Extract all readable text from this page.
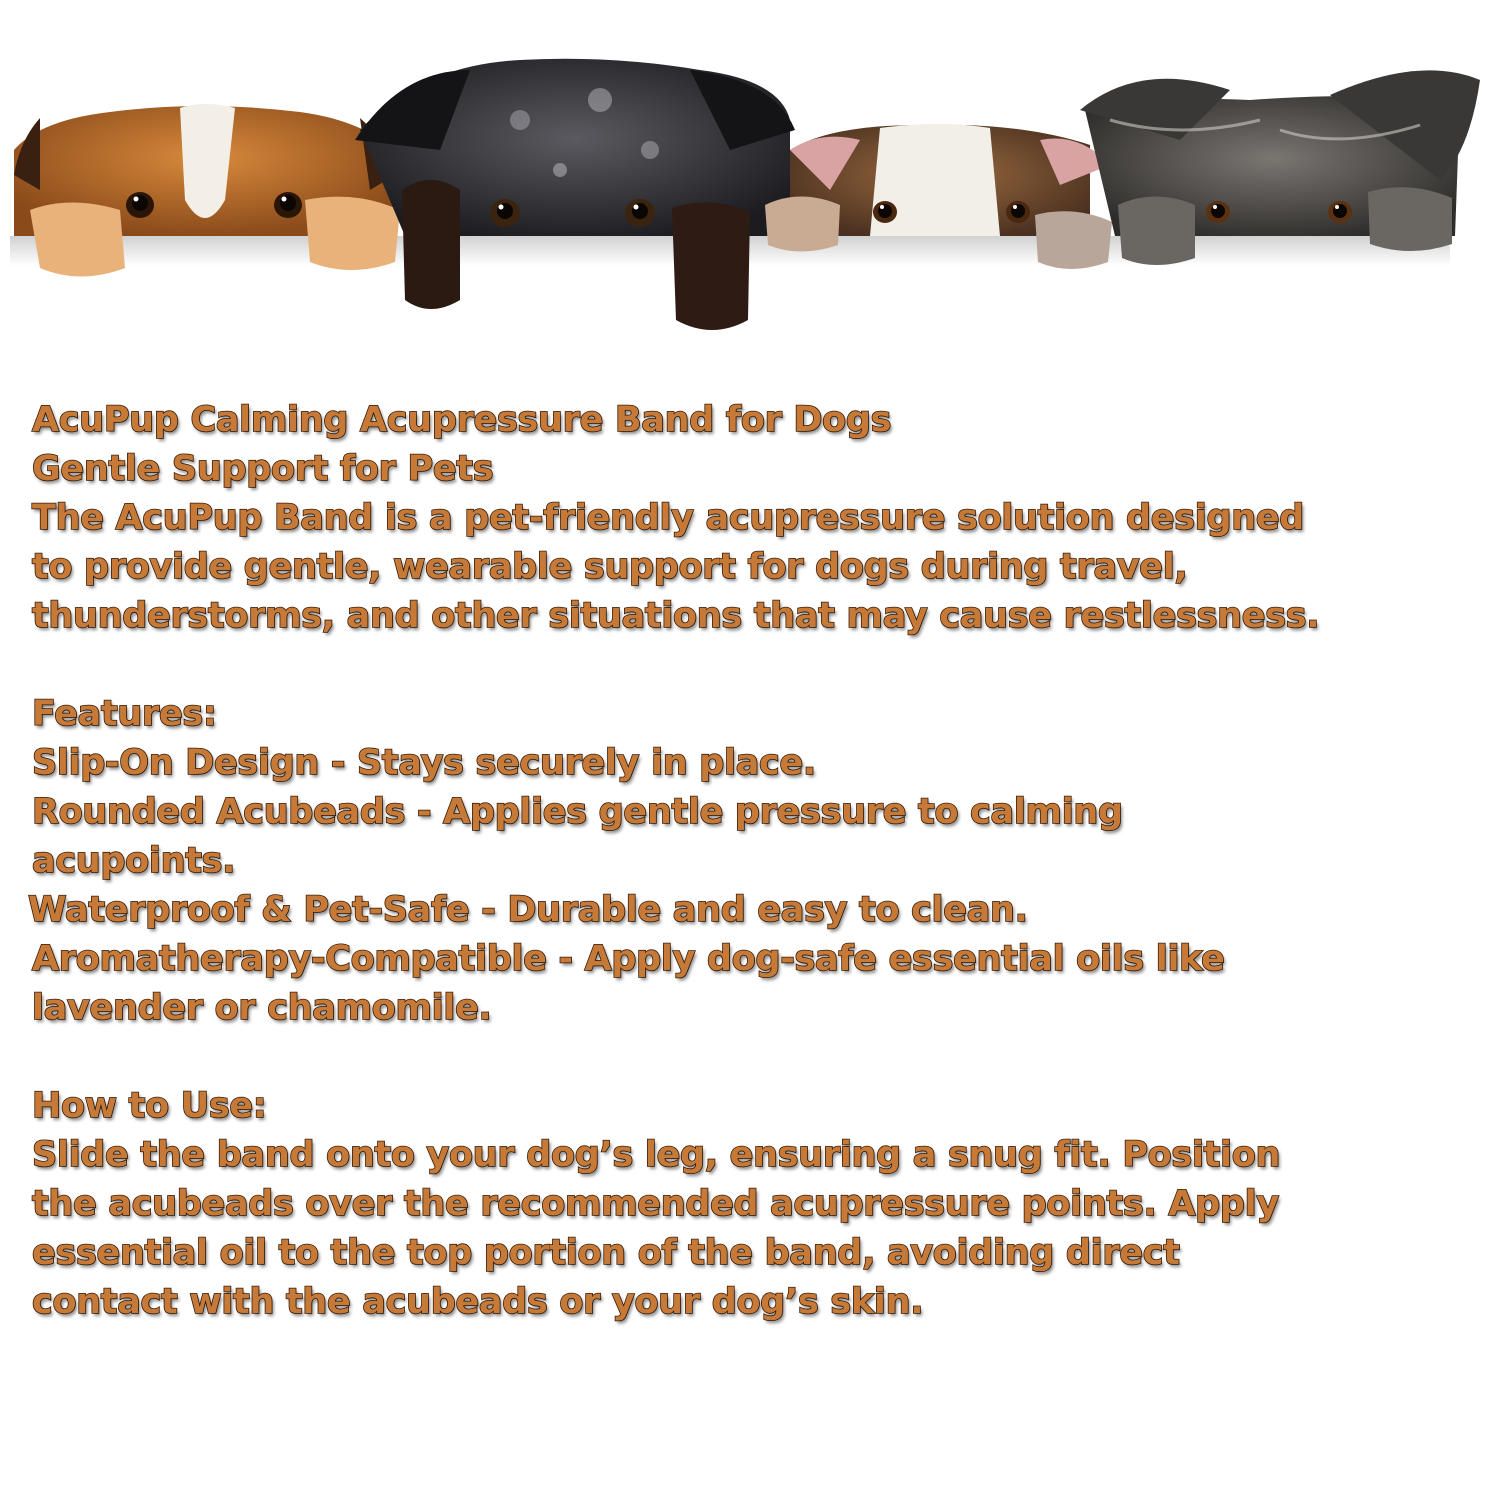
AcuPup Calming Acupressure Band for Dogs
Gentle Support for Pets
The AcuPup Band is a pet-friendly acupressure solution designed
to provide gentle, wearable support for dogs during travel,
thunderstorms, and other situations that may cause restlessness.
Features:
Slip-On Design - Stays securely in place.
Rounded Acubeads - Applies gentle pressure to calming
acupoints.
Waterproof & Pet-Safe - Durable and easy to clean.
Aromatherapy-Compatible - Apply dog-safe essential oils like
lavender or chamomile.
How to Use:
Slide the band onto your dog’s leg, ensuring a snug fit. Position
the acubeads over the recommended acupressure points. Apply
essential oil to the top portion of the band, avoiding direct
contact with the acubeads or your dog’s skin.
